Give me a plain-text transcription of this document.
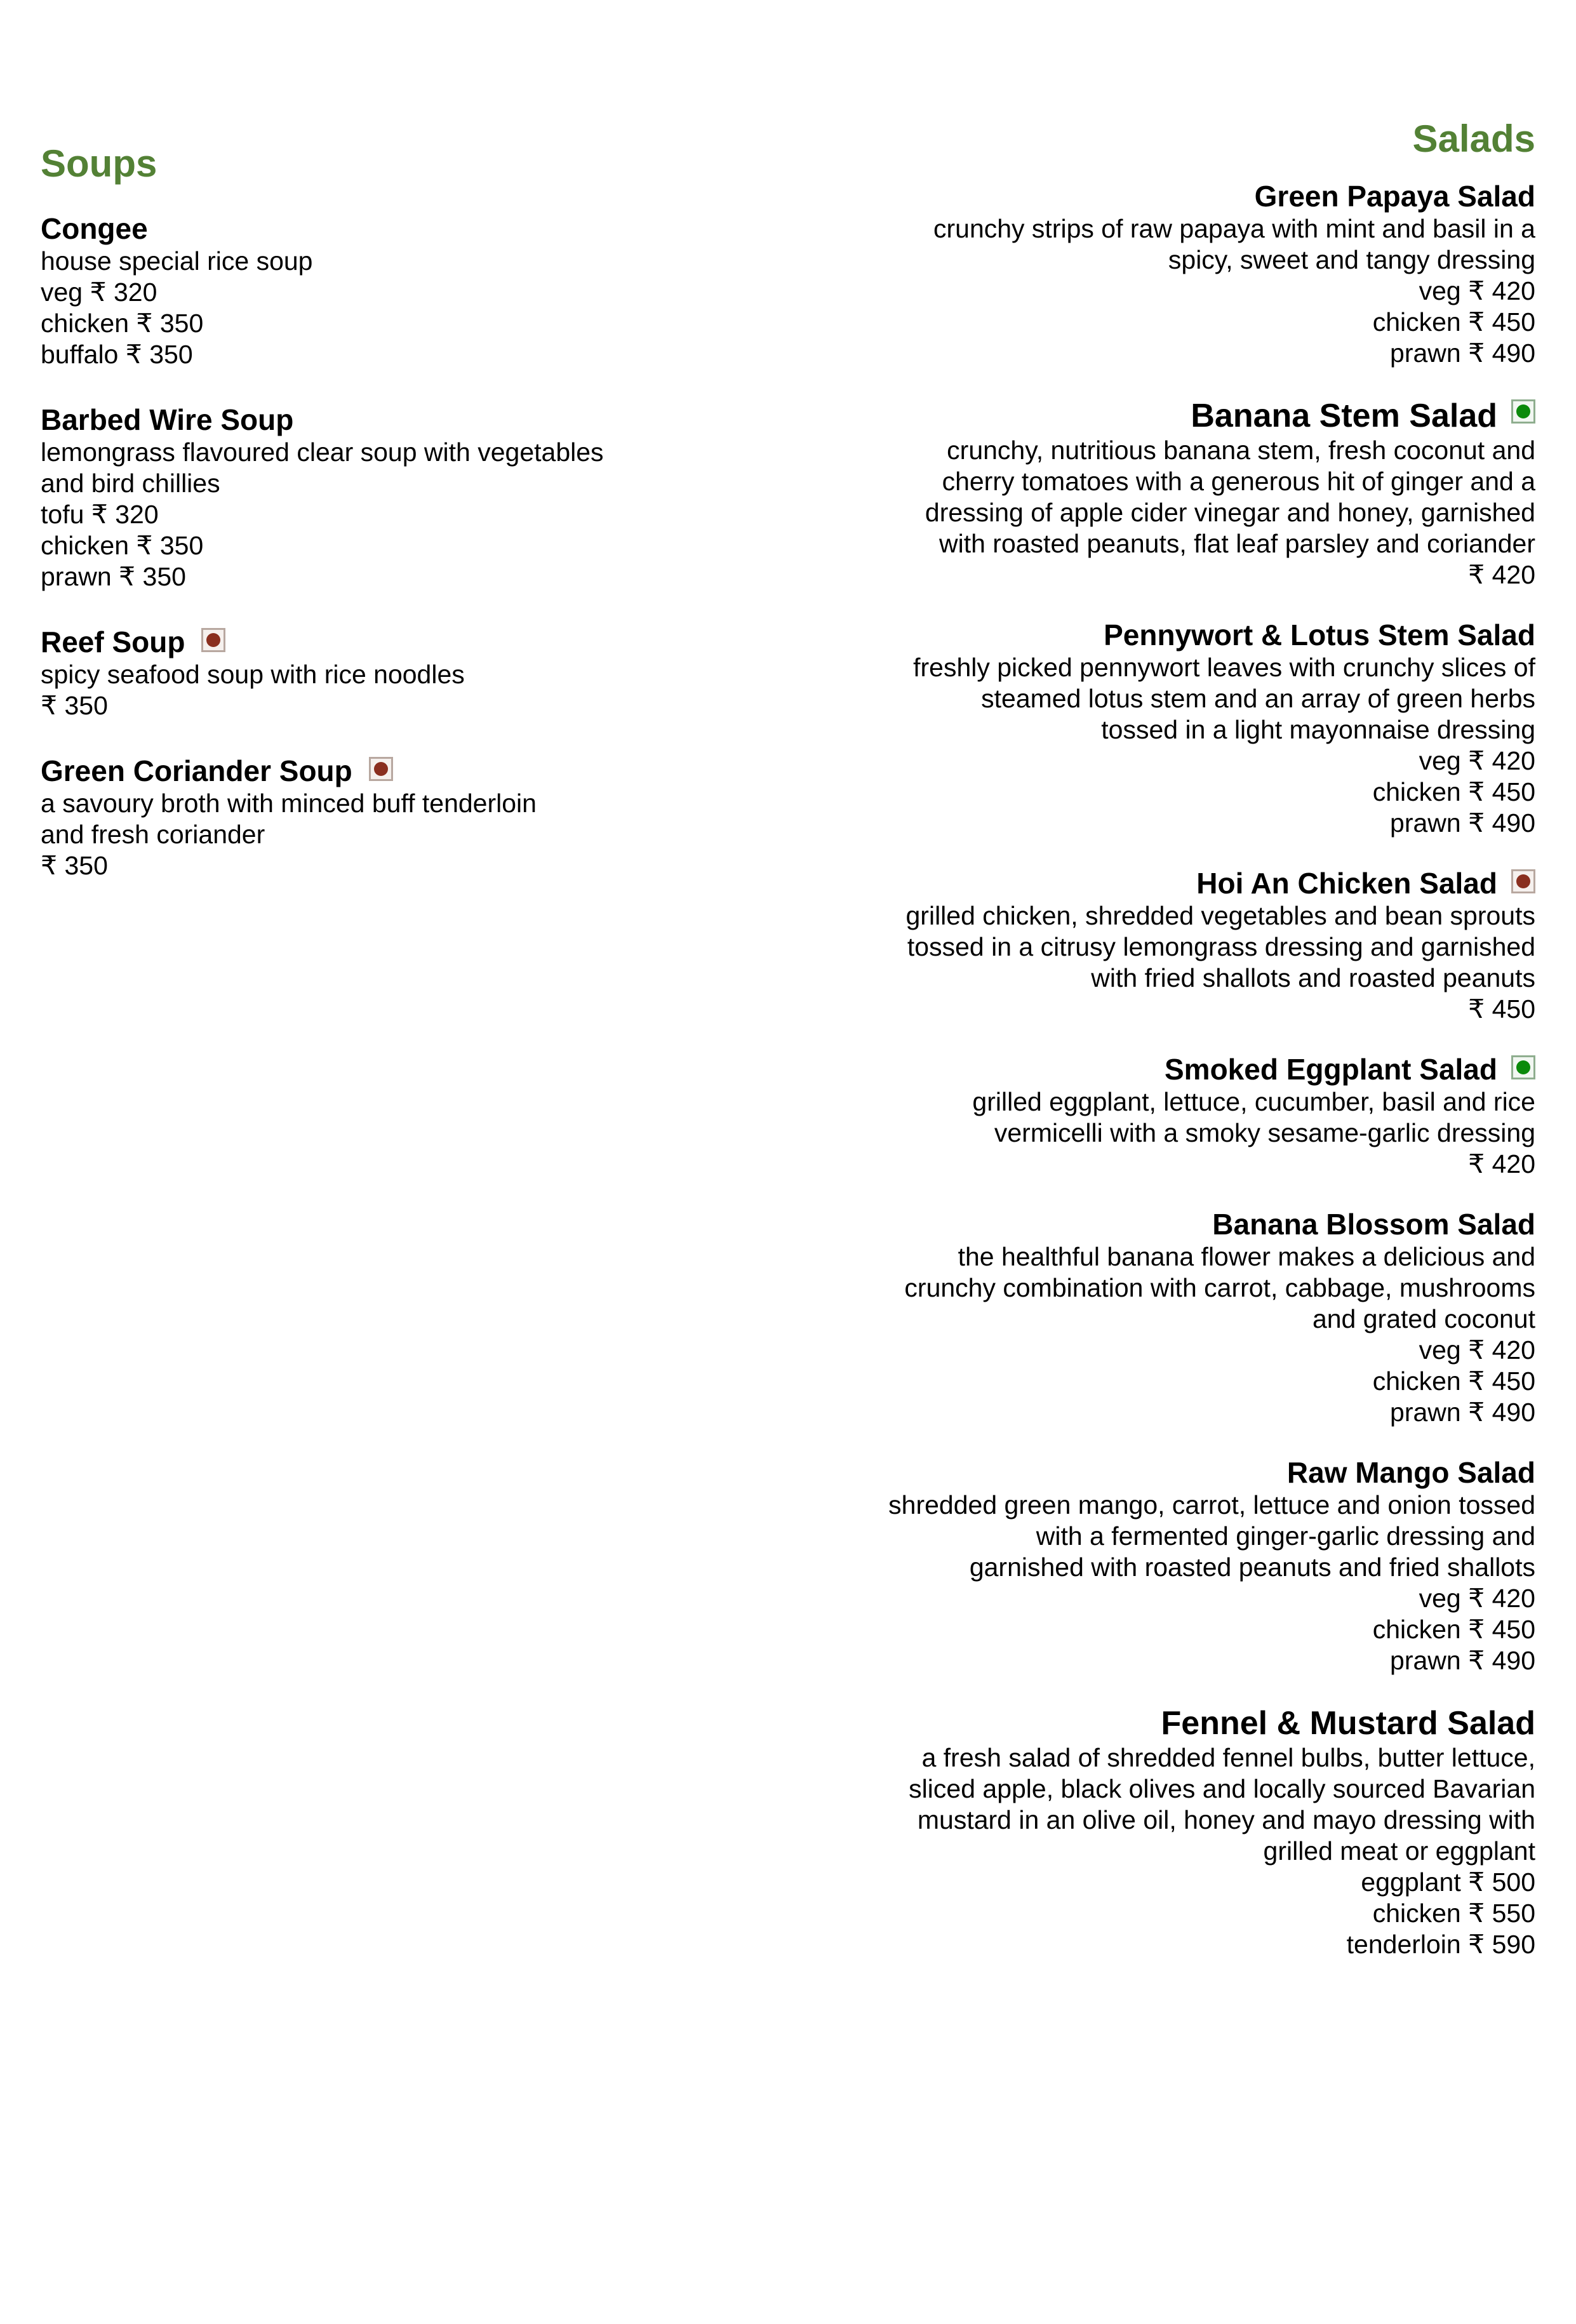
Soups
Congee
house special rice soup
veg ₹ 320
chicken ₹ 350
buffalo ₹ 350
Barbed Wire Soup
lemongrass flavoured clear soup with vegetables
and bird chillies
tofu ₹ 320
chicken ₹ 350
prawn ₹ 350
Reef Soup
spicy seafood soup with rice noodles
₹ 350
Green Coriander Soup
a savoury broth with minced buff tenderloin
and fresh coriander
₹ 350
Salads
Green Papaya Salad
crunchy strips of raw papaya with mint and basil in a
spicy, sweet and tangy dressing
veg ₹ 420
chicken ₹ 450
prawn ₹ 490
Banana Stem Salad
crunchy, nutritious banana stem, fresh coconut and
cherry tomatoes with a generous hit of ginger and a
dressing of apple cider vinegar and honey, garnished
with roasted peanuts, flat leaf parsley and coriander
₹ 420
Pennywort & Lotus Stem Salad
freshly picked pennywort leaves with crunchy slices of
steamed lotus stem and an array of green herbs
tossed in a light mayonnaise dressing
veg ₹ 420
chicken ₹ 450
prawn ₹ 490
Hoi An Chicken Salad
grilled chicken, shredded vegetables and bean sprouts
tossed in a citrusy lemongrass dressing and garnished
with fried shallots and roasted peanuts
₹ 450
Smoked Eggplant Salad
grilled eggplant, lettuce, cucumber, basil and rice
vermicelli with a smoky sesame-garlic dressing
₹ 420
Banana Blossom Salad
the healthful banana flower makes a delicious and
crunchy combination with carrot, cabbage, mushrooms
and grated coconut
veg ₹ 420
chicken ₹ 450
prawn ₹ 490
Raw Mango Salad
shredded green mango, carrot, lettuce and onion tossed
with a fermented ginger-garlic dressing and
garnished with roasted peanuts and fried shallots
veg ₹ 420
chicken ₹ 450
prawn ₹ 490
Fennel & Mustard Salad
a fresh salad of shredded fennel bulbs, butter lettuce,
sliced apple, black olives and locally sourced Bavarian
mustard in an olive oil, honey and mayo dressing with
grilled meat or eggplant
eggplant ₹ 500
chicken ₹ 550
tenderloin ₹ 590
